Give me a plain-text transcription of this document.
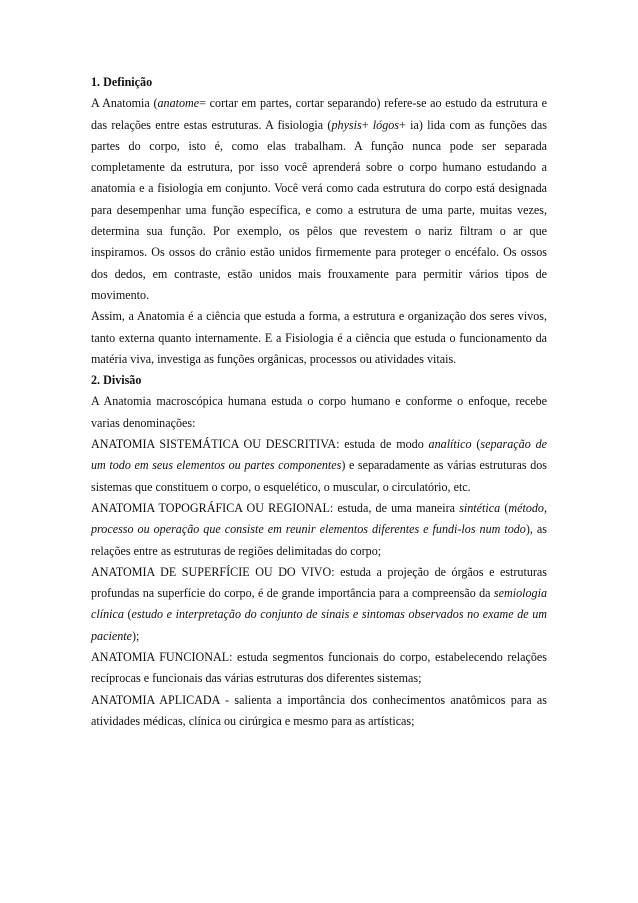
1. Definição

A Anatomia (anatome= cortar em partes, cortar separando) refere-se ao estudo da estrutura e das relações entre estas estruturas. A fisiologia (physis+ lógos+ ia) lida com as funções das partes do corpo, isto é, como elas trabalham. A função nunca pode ser separada completamente da estrutura, por isso você aprenderá sobre o corpo humano estudando a anatomia e a fisiologia em conjunto. Você verá como cada estrutura do corpo está designada para desempenhar uma função específica, e como a estrutura de uma parte, muitas vezes, determina sua função. Por exemplo, os pêlos que revestem o nariz filtram o ar que inspiramos. Os ossos do crânio estão unidos firmemente para proteger o encéfalo. Os ossos dos dedos, em contraste, estão unidos mais frouxamente para permitir vários tipos de movimento.

Assim, a Anatomia é a ciência que estuda a forma, a estrutura e organização dos seres vivos, tanto externa quanto internamente. E a Fisiologia é a ciência que estuda o funcionamento da matéria viva, investiga as funções orgânicas, processos ou atividades vitais.

2. Divisão

A Anatomia macroscópica humana estuda o corpo humano e conforme o enfoque, recebe varias denominações:

ANATOMIA SISTEMÁTICA OU DESCRITIVA: estuda de modo analítico (separação de um todo em seus elementos ou partes componentes) e separadamente as várias estruturas dos sistemas que constituem o corpo, o esquelético, o muscular, o circulatório, etc.

ANATOMIA TOPOGRÁFICA OU REGIONAL: estuda, de uma maneira sintética (método, processo ou operação que consiste em reunir elementos diferentes e fundi-los num todo), as relações entre as estruturas de regiões delimitadas do corpo;

ANATOMIA DE SUPERFÍCIE OU DO VIVO: estuda a projeção de órgãos e estruturas profundas na superfície do corpo, é de grande importância para a compreensão da semiologia clínica (estudo e interpretação do conjunto de sinais e sintomas observados no exame de um paciente);

ANATOMIA FUNCIONAL: estuda segmentos funcionais do corpo, estabelecendo relações recíprocas e funcionais das várias estruturas dos diferentes sistemas;

ANATOMIA APLICADA - salienta a importância dos conhecimentos anatômicos para as atividades médicas, clínica ou cirúrgica e mesmo para as artísticas;
